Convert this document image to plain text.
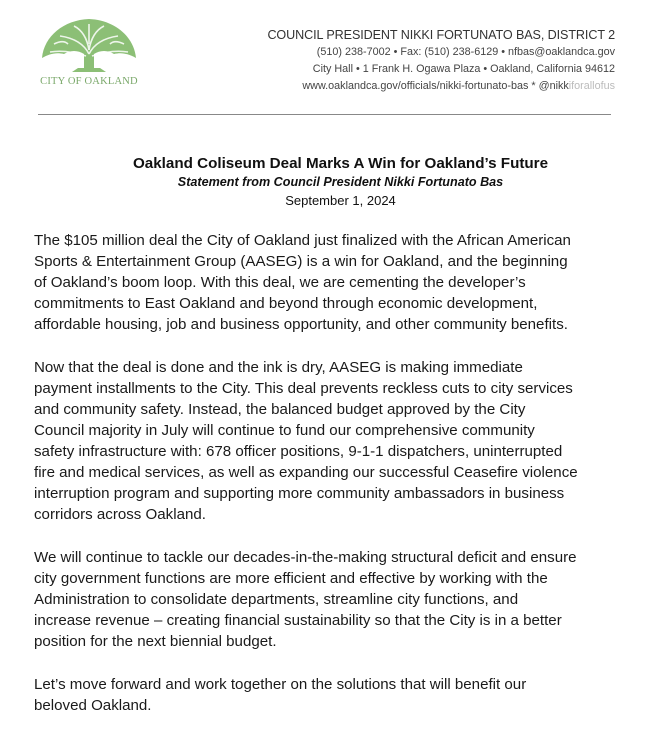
CITY OF OAKLAND
COUNCIL PRESIDENT NIKKI FORTUNATO BAS, DISTRICT 2
(510) 238-7002 • Fax: (510) 238-6129 • nfbas@oaklandca.gov
City Hall • 1 Frank H. Ogawa Plaza • Oakland, California 94612
www.oaklandca.gov/officials/nikki-fortunato-bas * @nikkiforallofus
Oakland Coliseum Deal Marks A Win for Oakland’s Future
Statement from Council President Nikki Fortunato Bas
September 1, 2024

The $105 million deal the City of Oakland just finalized with the African American
Sports & Entertainment Group (AASEG) is a win for Oakland, and the beginning
of Oakland’s boom loop. With this deal, we are cementing the developer’s
commitments to East Oakland and beyond through economic development,
affordable housing, job and business opportunity, and other community benefits.

Now that the deal is done and the ink is dry, AASEG is making immediate
payment installments to the City. This deal prevents reckless cuts to city services
and community safety. Instead, the balanced budget approved by the City
Council majority in July will continue to fund our comprehensive community
safety infrastructure with: 678 officer positions, 9-1-1 dispatchers, uninterrupted
fire and medical services, as well as expanding our successful Ceasefire violence
interruption program and supporting more community ambassadors in business
corridors across Oakland.

We will continue to tackle our decades-in-the-making structural deficit and ensure
city government functions are more efficient and effective by working with the
Administration to consolidate departments, streamline city functions, and
increase revenue – creating financial sustainability so that the City is in a better
position for the next biennial budget.

Let’s move forward and work together on the solutions that will benefit our
beloved Oakland.
